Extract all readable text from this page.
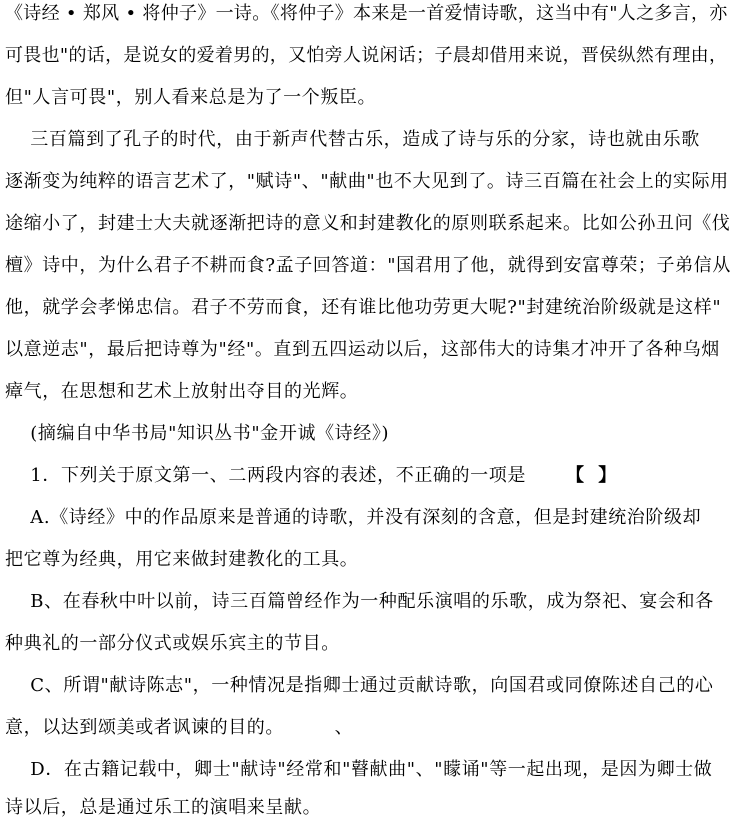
《诗经 • 郑风 • 将仲子》一诗。《将仲子》本来是一首爱情诗歌，这当中有"人之多言，亦
可畏也"的话，是说女的爱着男的，又怕旁人说闲话；子晨却借用来说，晋侯纵然有理由，
但"人言可畏"，别人看来总是为了一个叛臣。
三百篇到了孔子的时代，由于新声代替古乐，造成了诗与乐的分家，诗也就由乐歌
逐渐变为纯粹的语言艺术了，"赋诗"、"献曲"也不大见到了。诗三百篇在社会上的实际用
途缩小了，封建士大夫就逐渐把诗的意义和封建教化的原则联系起来。比如公孙丑问《伐
檀》诗中，为什么君子不耕而食?孟子回答道："国君用了他，就得到安富尊荣；子弟信从
他，就学会孝悌忠信。君子不劳而食，还有谁比他功劳更大呢?"封建统治阶级就是这样"
以意逆志"，最后把诗尊为"经"。直到五四运动以后，这部伟大的诗集才冲开了各种乌烟
瘴气，在思想和艺术上放射出夺目的光辉。
(摘编自中华书局"知识丛书"金开诚《诗经》)
1．下列关于原文第一、二两段内容的表述，不正确的一项是 【  】
A.《诗经》中的作品原来是普通的诗歌，并没有深刻的含意，但是封建统治阶级却
把它尊为经典，用它来做封建教化的工具。
B、在春秋中叶以前，诗三百篇曾经作为一种配乐演唱的乐歌，成为祭祀、宴会和各
种典礼的一部分仪式或娱乐宾主的节目。
C、所谓"献诗陈志"，一种情况是指卿士通过贡献诗歌，向国君或同僚陈述自己的心
意，以达到颂美或者讽谏的目的。        、
D．在古籍记载中，卿士"献诗"经常和"瞽献曲"、"矇诵"等一起出现，是因为卿士做
诗以后，总是通过乐工的演唱来呈献。
